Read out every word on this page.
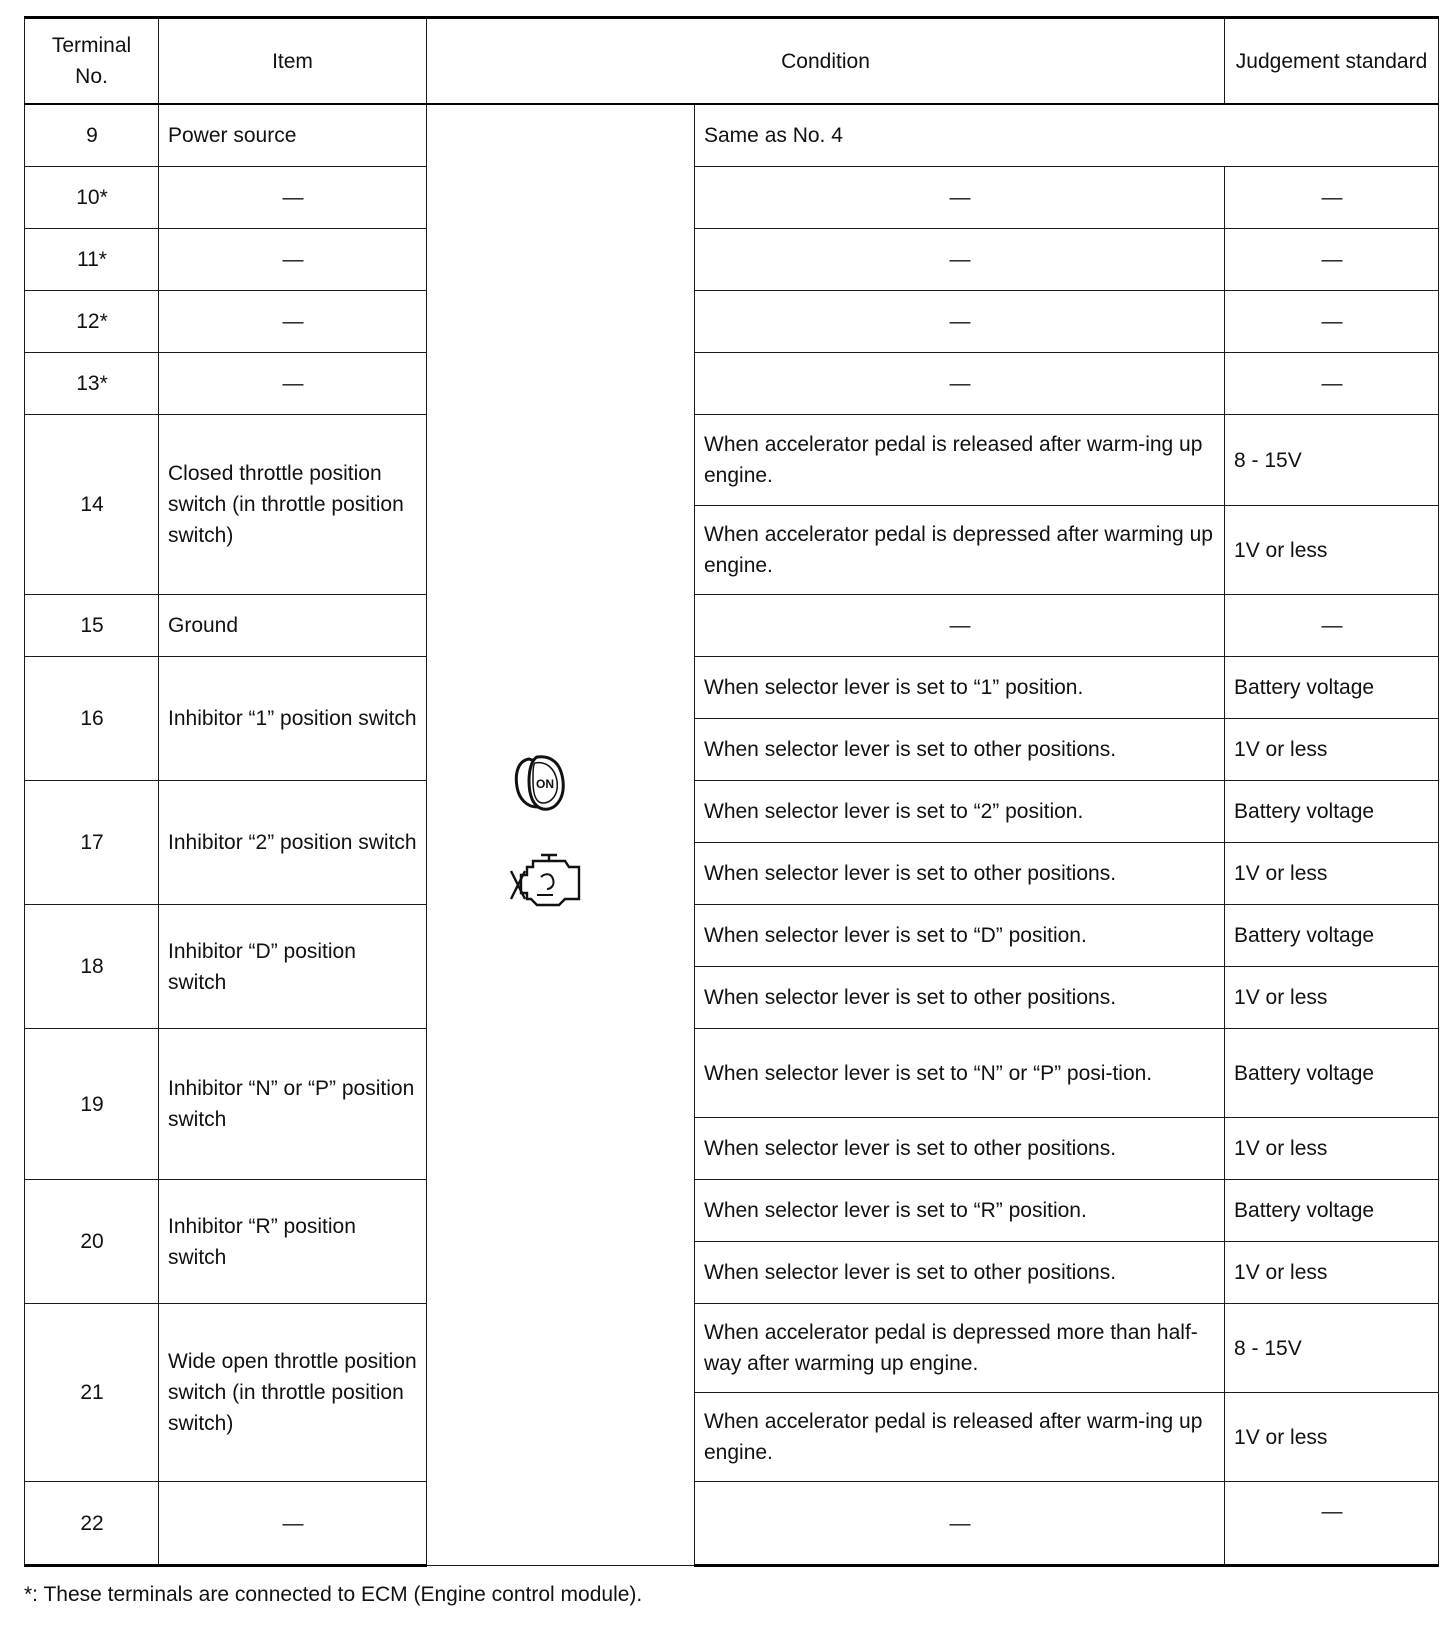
Terminal No.	Item	Condition		Judgement standard
9	Power source	ON	Same as No. 4	
10*	—		—	—
11*	—		—	—
12*	—		—	—
13*	—		—	—
14	Closed throttle position switch (in throttle position switch)		When accelerator pedal is released after warm-ing up engine.	8 - 15V
			When accelerator pedal is depressed after warming up engine.	1V or less
15	Ground		—	—
16	Inhibitor “1” position switch		When selector lever is set to “1” position.	Battery voltage
			When selector lever is set to other positions.	1V or less
17	Inhibitor “2” position switch		When selector lever is set to “2” position.	Battery voltage
			When selector lever is set to other positions.	1V or less
18	Inhibitor “D” position switch		When selector lever is set to “D” position.	Battery voltage
			When selector lever is set to other positions.	1V or less
19	Inhibitor “N” or “P” position switch		When selector lever is set to “N” or “P” posi-tion.	Battery voltage
			When selector lever is set to other positions.	1V or less
20	Inhibitor “R” position switch		When selector lever is set to “R” position.	Battery voltage
			When selector lever is set to other positions.	1V or less
21	Wide open throttle position switch (in throttle position switch)		When accelerator pedal is depressed more than half-way after warming up engine.	8 - 15V
			When accelerator pedal is released after warm-ing up engine.	1V or less
22	—		—	—
*: These terminals are connected to ECM (Engine control module).
